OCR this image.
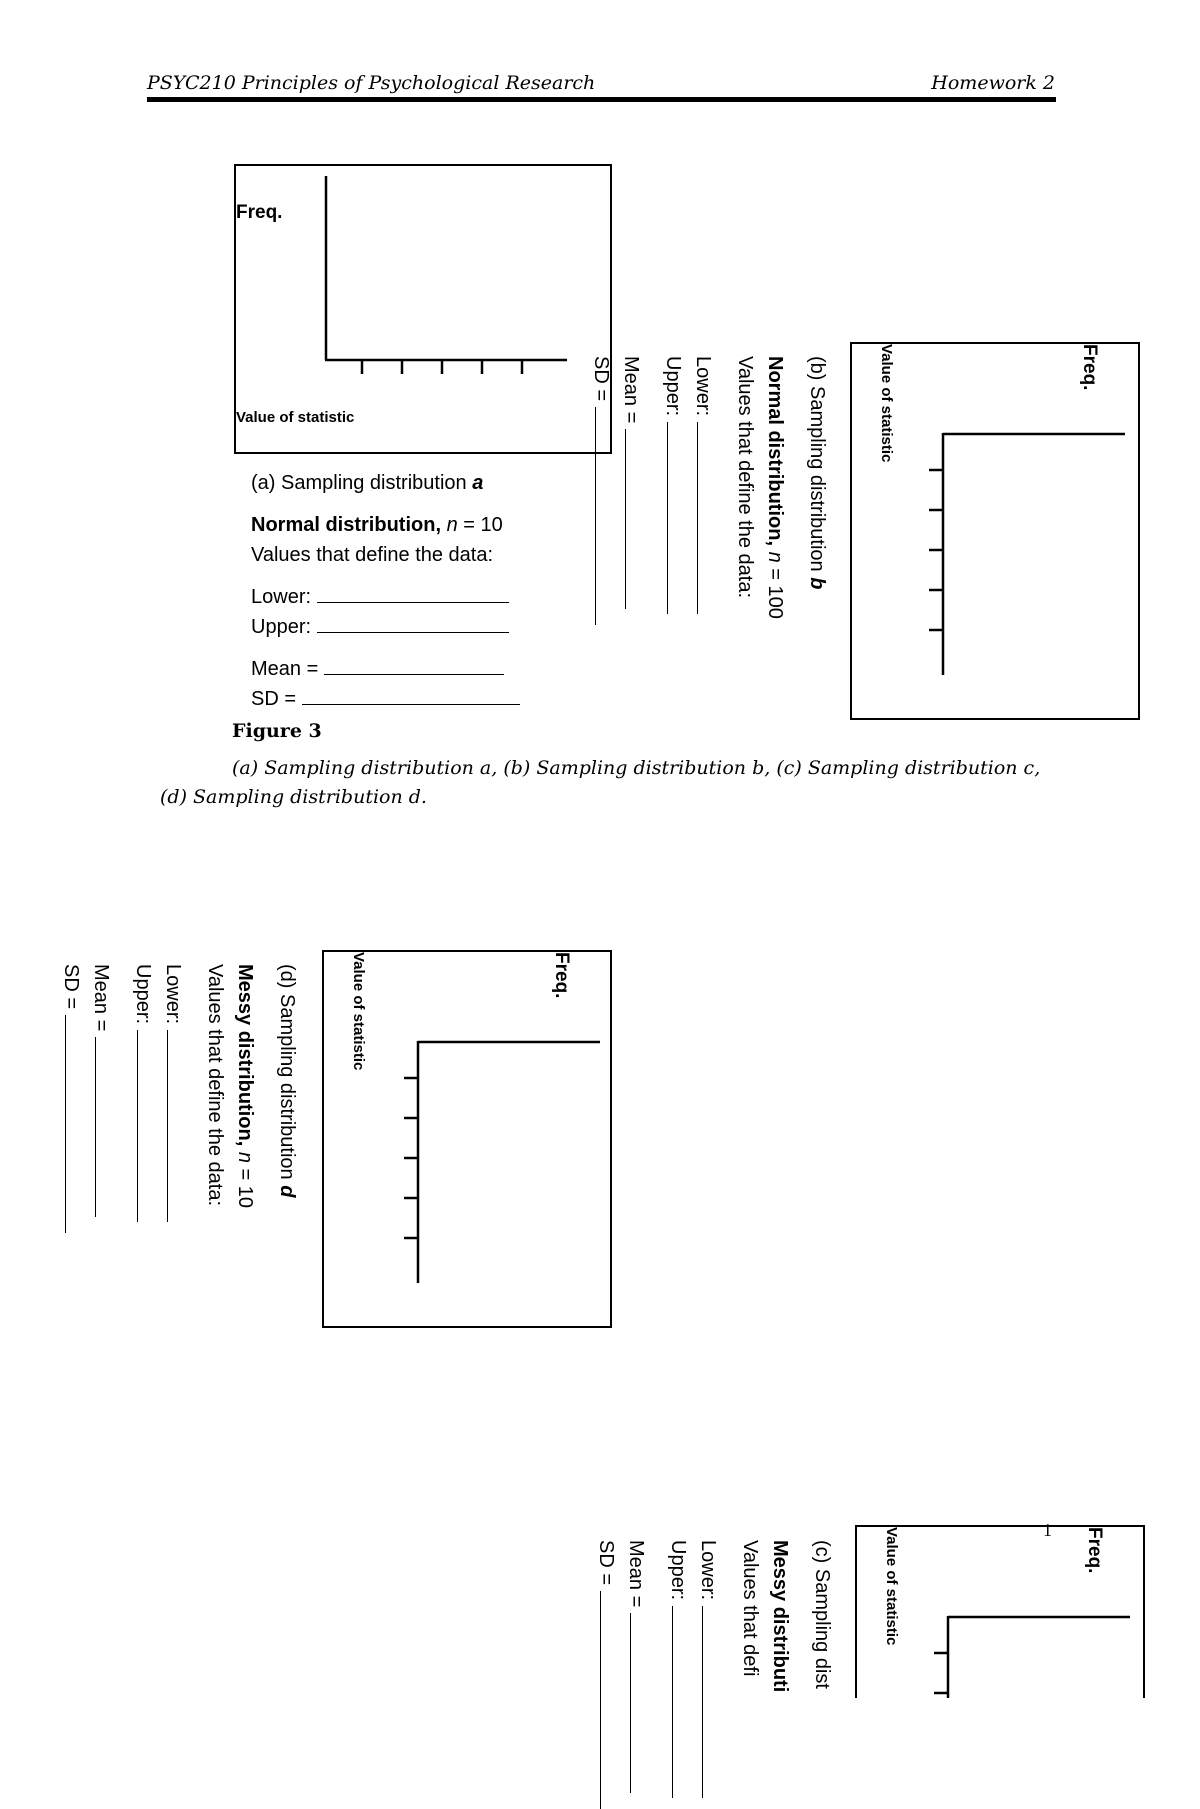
PSYC210 Principles of Psychological Research	Homework 2
Freq.
Value of statistic
(a) Sampling distribution a
Normal distribution, n = 10
Values that define the data:
Lower:
Upper:
Mean =
SD =
Freq.
Value of statistic
(b) Sampling distribution b
Normal distribution, n = 100
Values that define the data:
Lower:
Upper:
Mean =
SD =
Figure 3
(a) Sampling distribution a, (b) Sampling distribution b, (c) Sampling distribution c, (d) Sampling distribution d.
Freq.
Value of statistic
(d) Sampling distribution d
Messy distribution, n = 10
Values that define the data:
Lower:
Upper:
Mean =
SD =
1 Freq.
Value of statistic
(c) Sampling dist
Messy distributi
Values that defi
Lower:
Upper:
Mean =
SD =
